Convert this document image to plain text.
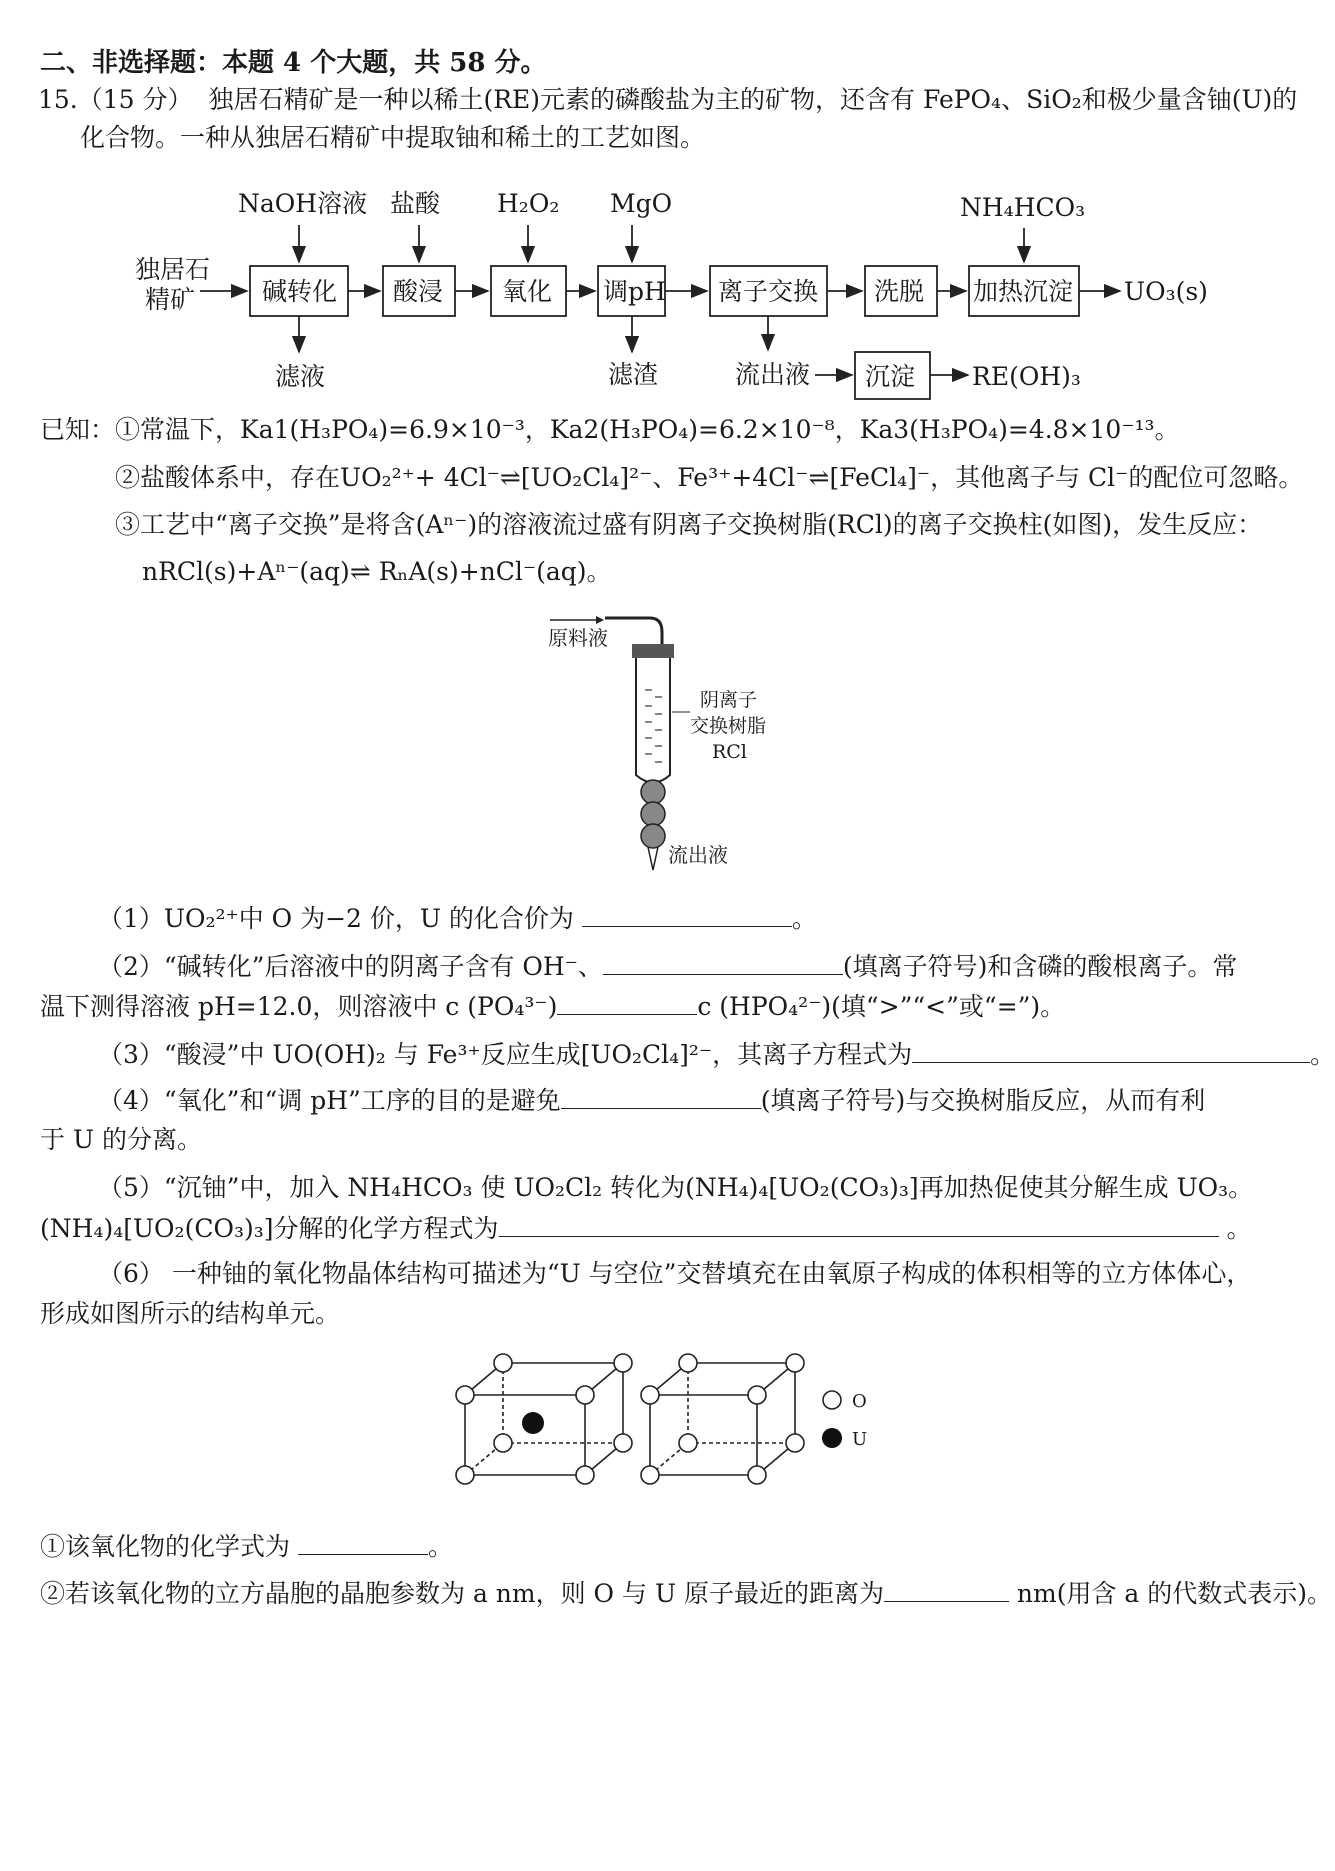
二、非选择题：本题 4 个大题，共 58 分。
15.（15 分） 独居石精矿是一种以稀土(RE)元素的磷酸盐为主的矿物，还含有 FePO₄、SiO₂和极少量含铀(U)的
化合物。一种从独居石精矿中提取铀和稀土的工艺如图。
独居石
精矿	碱转化 酸浸 氧化 调pH 离子交换 洗脱 加热沉淀 UO₃(s)
NaOH溶液 盐酸 H₂O₂ MgO	NH₄HCO₃
滤液	滤渣	流出液 沉淀 RE(OH)₃
已知：①常温下，Ka1(H₃PO₄)=6.9×10⁻³，Ka2(H₃PO₄)=6.2×10⁻⁸，Ka3(H₃PO₄)=4.8×10⁻¹³。
②盐酸体系中，存在UO₂²⁺+ 4Cl⁻⇌[UO₂Cl₄]²⁻、Fe³⁺+4Cl⁻⇌[FeCl₄]⁻，其他离子与 Cl⁻的配位可忽略。
③工艺中“离子交换”是将含(Aⁿ⁻)的溶液流过盛有阴离子交换树脂(RCl)的离子交换柱(如图)，发生反应：
nRCl(s)+Aⁿ⁻(aq)⇌ RₙA(s)+nCl⁻(aq)。
原料液
阴离子
交换树脂
RCl
流出液
（1）UO₂²⁺中 O 为−2 价，U 的化合价为	。
（2）“碱转化”后溶液中的阴离子含有 OH⁻、	(填离子符号)和含磷的酸根离子。常
温下测得溶液 pH=12.0，则溶液中 c (PO₄³⁻)	c (HPO₄²⁻)(填“>”“<”或“=”)。
（3）“酸浸”中 UO(OH)₂ 与 Fe³⁺反应生成[UO₂Cl₄]²⁻，其离子方程式为	。
（4）“氧化”和“调 pH”工序的目的是避免	(填离子符号)与交换树脂反应，从而有利
于 U 的分离。
（5）“沉铀”中，加入 NH₄HCO₃ 使 UO₂Cl₂ 转化为(NH₄)₄[UO₂(CO₃)₃]再加热促使其分解生成 UO₃。
(NH₄)₄[UO₂(CO₃)₃]分解的化学方程式为	。
（6） 一种铀的氧化物晶体结构可描述为“U 与空位”交替填充在由氧原子构成的体积相等的立方体体心，
形成如图所示的结构单元。
O
U
①该氧化物的化学式为	。
②若该氧化物的立方晶胞的晶胞参数为 a nm，则 O 与 U 原子最近的距离为	nm(用含 a 的代数式表示)。
